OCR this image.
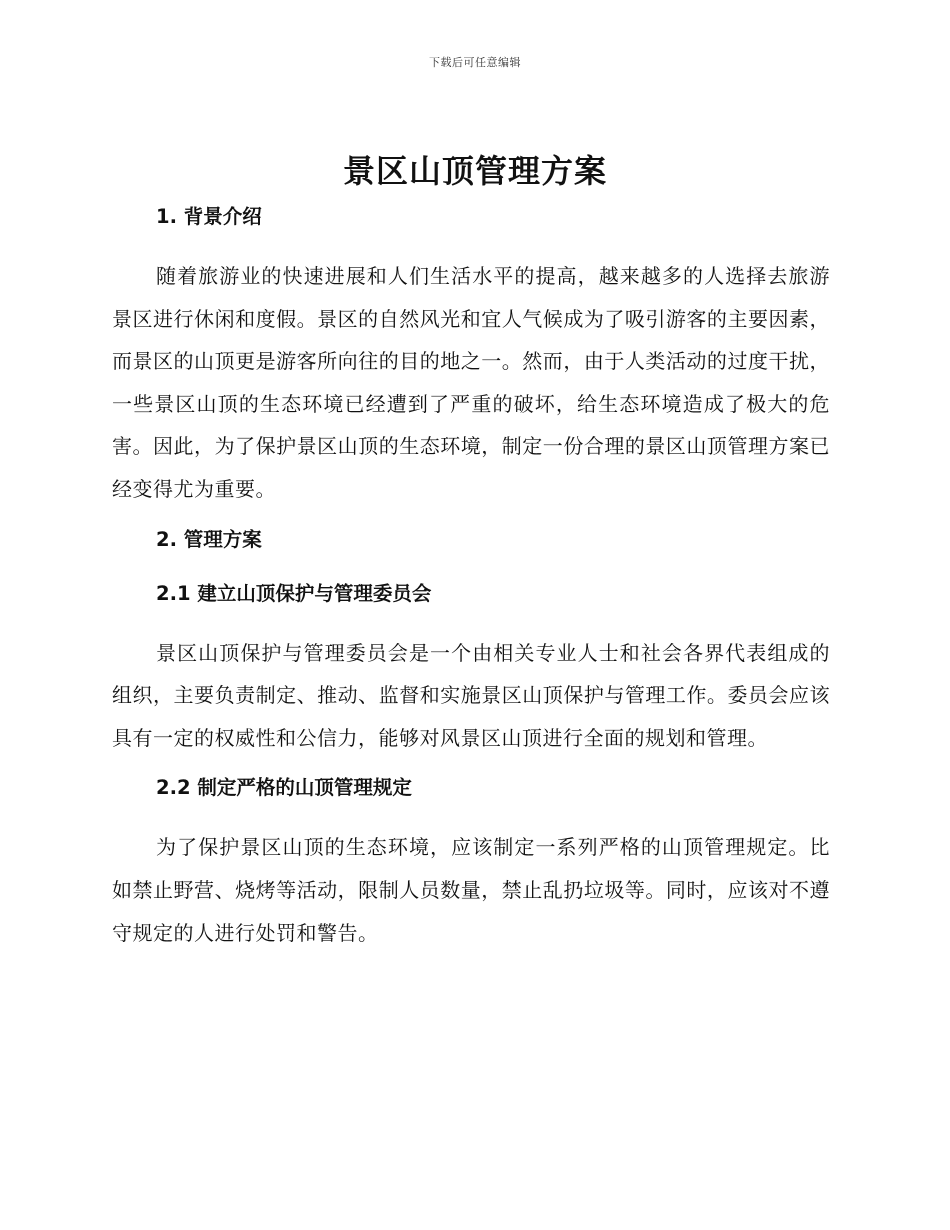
下载后可任意编辑
景区山顶管理方案
1. 背景介绍

随着旅游业的快速进展和人们生活水平的提高，越来越多的人选择去旅游景区进行休闲和度假。景区的自然风光和宜人气候成为了吸引游客的主要因素，而景区的山顶更是游客所向往的目的地之一。然而，由于人类活动的过度干扰，一些景区山顶的生态环境已经遭到了严重的破坏，给生态环境造成了极大的危害。因此，为了保护景区山顶的生态环境，制定一份合理的景区山顶管理方案已经变得尤为重要。

2. 管理方案
2.1 建立山顶保护与管理委员会

景区山顶保护与管理委员会是一个由相关专业人士和社会各界代表组成的组织，主要负责制定、推动、监督和实施景区山顶保护与管理工作。委员会应该具有一定的权威性和公信力，能够对风景区山顶进行全面的规划和管理。

2.2 制定严格的山顶管理规定

为了保护景区山顶的生态环境，应该制定一系列严格的山顶管理规定。比如禁止野营、烧烤等活动，限制人员数量，禁止乱扔垃圾等。同时，应该对不遵守规定的人进行处罚和警告。
